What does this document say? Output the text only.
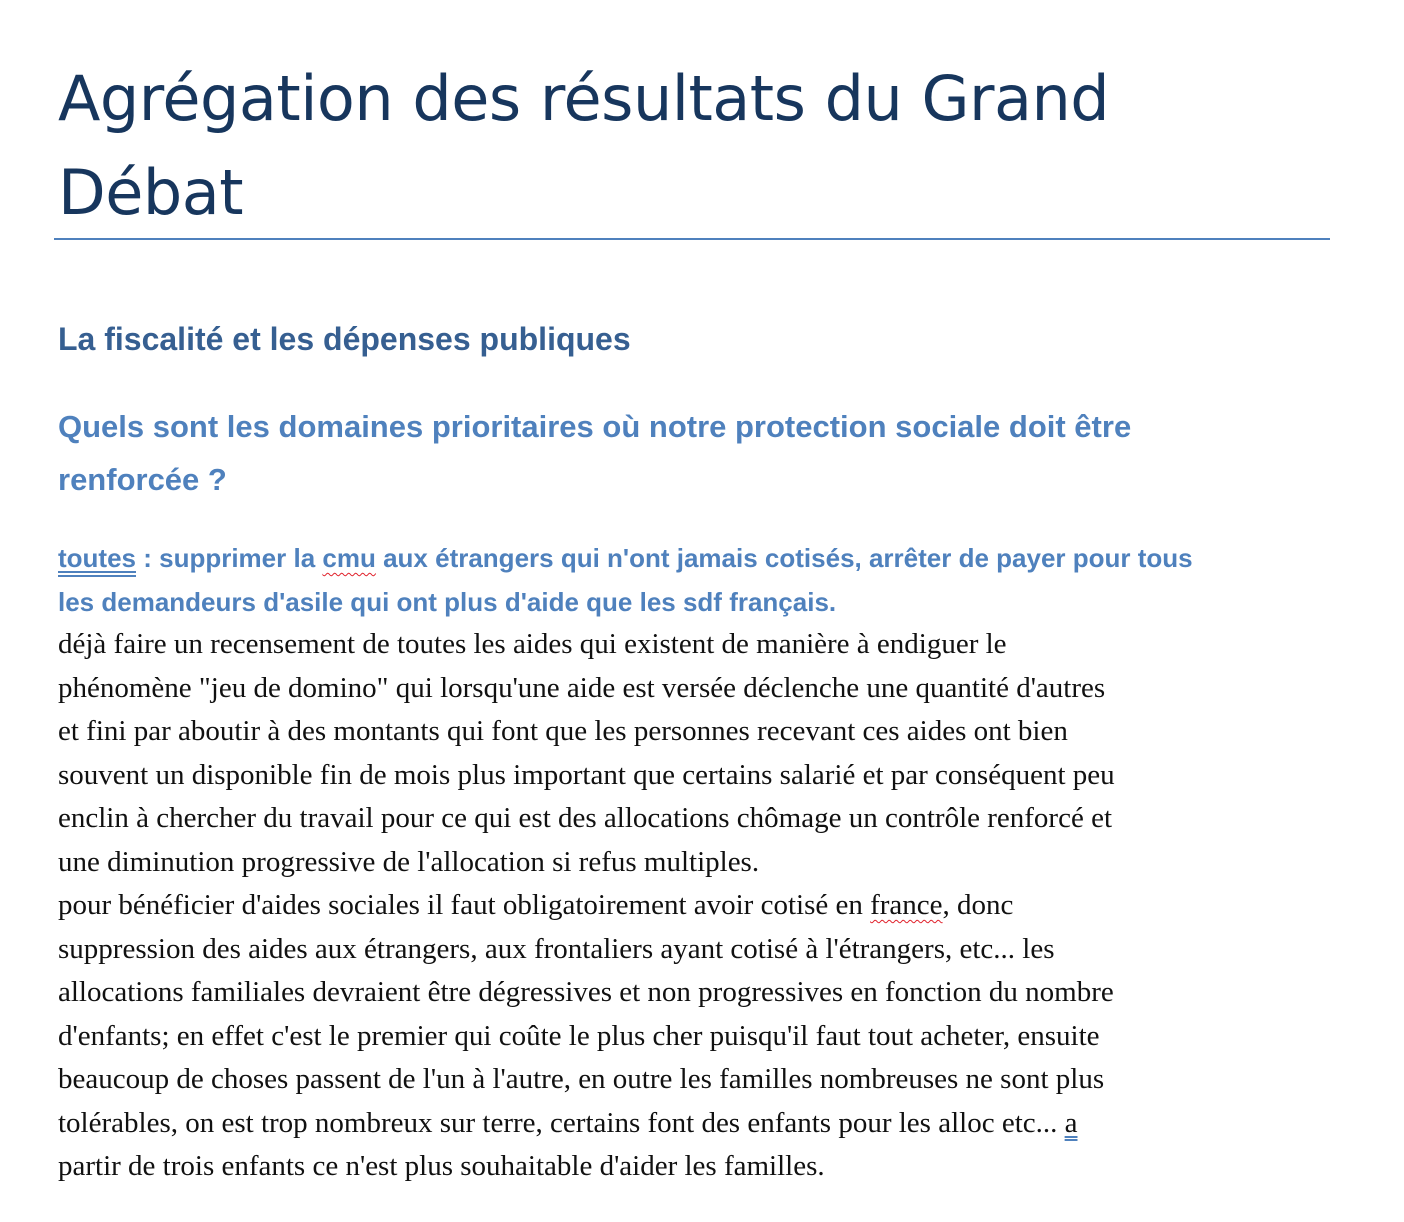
Agrégation des résultats du Grand
Débat
La fiscalité et les dépenses publiques
Quels sont les domaines prioritaires où notre protection sociale doit être
renforcée ?
toutes : supprimer la cmu aux étrangers qui n'ont jamais cotisés, arrêter de payer pour tous
les demandeurs d'asile qui ont plus d'aide que les sdf français.
déjà faire un recensement de toutes les aides qui existent de manière à endiguer le
phénomène "jeu de domino" qui lorsqu'une aide est versée déclenche une quantité d'autres
et fini par aboutir à des montants qui font que les personnes recevant ces aides ont bien
souvent un disponible fin de mois plus important que certains salarié et par conséquent peu
enclin à chercher du travail pour ce qui est des allocations chômage un contrôle renforcé et
une diminution progressive de l'allocation si refus multiples.
pour bénéficier d'aides sociales il faut obligatoirement avoir cotisé en france, donc
suppression des aides aux étrangers, aux frontaliers ayant cotisé à l'étrangers, etc... les
allocations familiales devraient être dégressives et non progressives en fonction du nombre
d'enfants; en effet c'est le premier qui coûte le plus cher puisqu'il faut tout acheter, ensuite
beaucoup de choses passent de l'un à l'autre, en outre les familles nombreuses ne sont plus
tolérables, on est trop nombreux sur terre, certains font des enfants pour les alloc etc... a
partir de trois enfants ce n'est plus souhaitable d'aider les familles.
